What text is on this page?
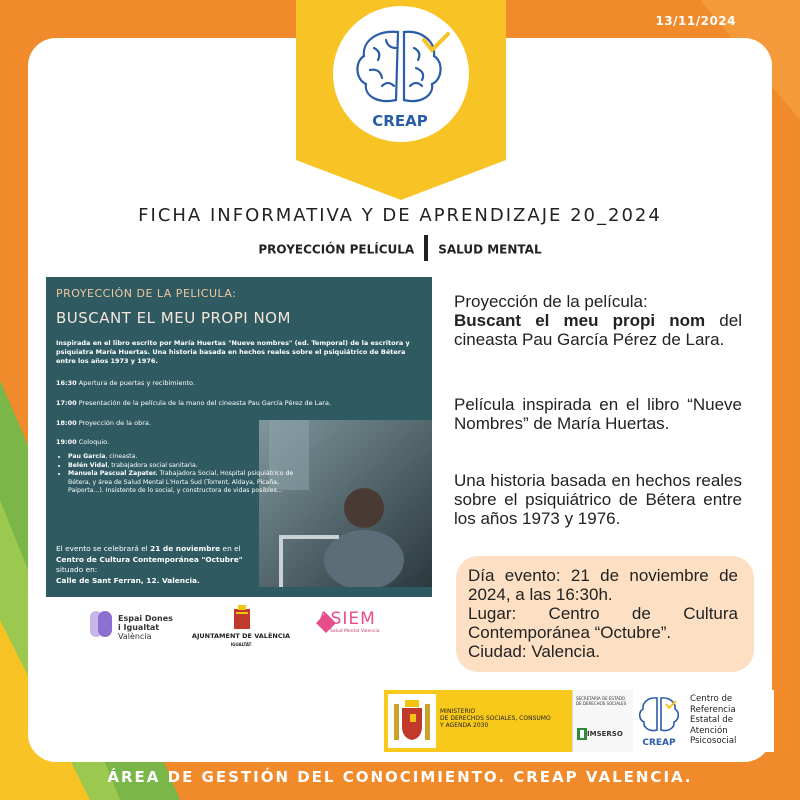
13/11/2024
CREAP
FICHA INFORMATIVA Y DE APRENDIZAJE 20_2024
PROYECCIÓN PELÍCULA SALUD MENTAL
PROYECCIÓN DE LA PELICULA:
BUSCANT EL MEU PROPI NOM
Inspirada en el libro escrito por María Huertas "Nueve nombres" (ed. Temporal) de la escritora y psiquiatra María Huertas. Una historia basada en hechos reales sobre el psiquiátrico de Bétera entre los años 1973 y 1976.
16:30 Apertura de puertas y recibimiento.
17:00 Presentación de la película de la mano del cineasta Pau García Pérez de Lara.
18:00 Proyección de la obra.
19:00 Coloquio.
• Pau García, cineasta.
• Belén Vidal, trabajadora social sanitaria.
• Manuela Pascual Zapater. Trabajadora Social, Hospital psiquiátrico de Bétera, y área de Salud Mental L'Horta Sud (Torrent, Aldaya, Picaña, Paiporta...). Insistente de lo social, y constructora de vidas posibles...
El evento se celebrará el 21 de noviembre en el
Centro de Cultura Contemporánea "Octubre"
situado en:
Calle de Sant Ferran, 12. Valencia.
Espai Dones
i Igualtat
València	AJUNTAMENT DE VALÈNCIA
IGUALTAT
ASIEM
Salud Mental Valencia

Proyección de la película:
Buscant el meu propi nom del cineasta Pau García Pérez de Lara.

Película inspirada en el libro “Nueve Nombres” de María Huertas.
Una historia basada en hechos reales sobre el psiquiátrico de Bétera entre los años 1973 y 1976.
Día evento: 21 de noviembre de 2024, a las 16:30h.
Lugar: Centro de Cultura Contemporánea “Octubre”.
Ciudad: Valencia.
MINISTERIO
DE DERECHOS SOCIALES, CONSUMO
Y AGENDA 2030
SECRETARÍA DE ESTADO
DE DERECHOS SOCIALES
IMSERSO
CREAP
Centro de
Referencia
Estatal de
Atención
Psicosocial
ÁREA DE GESTIÓN DEL CONOCIMIENTO. CREAP VALENCIA.
